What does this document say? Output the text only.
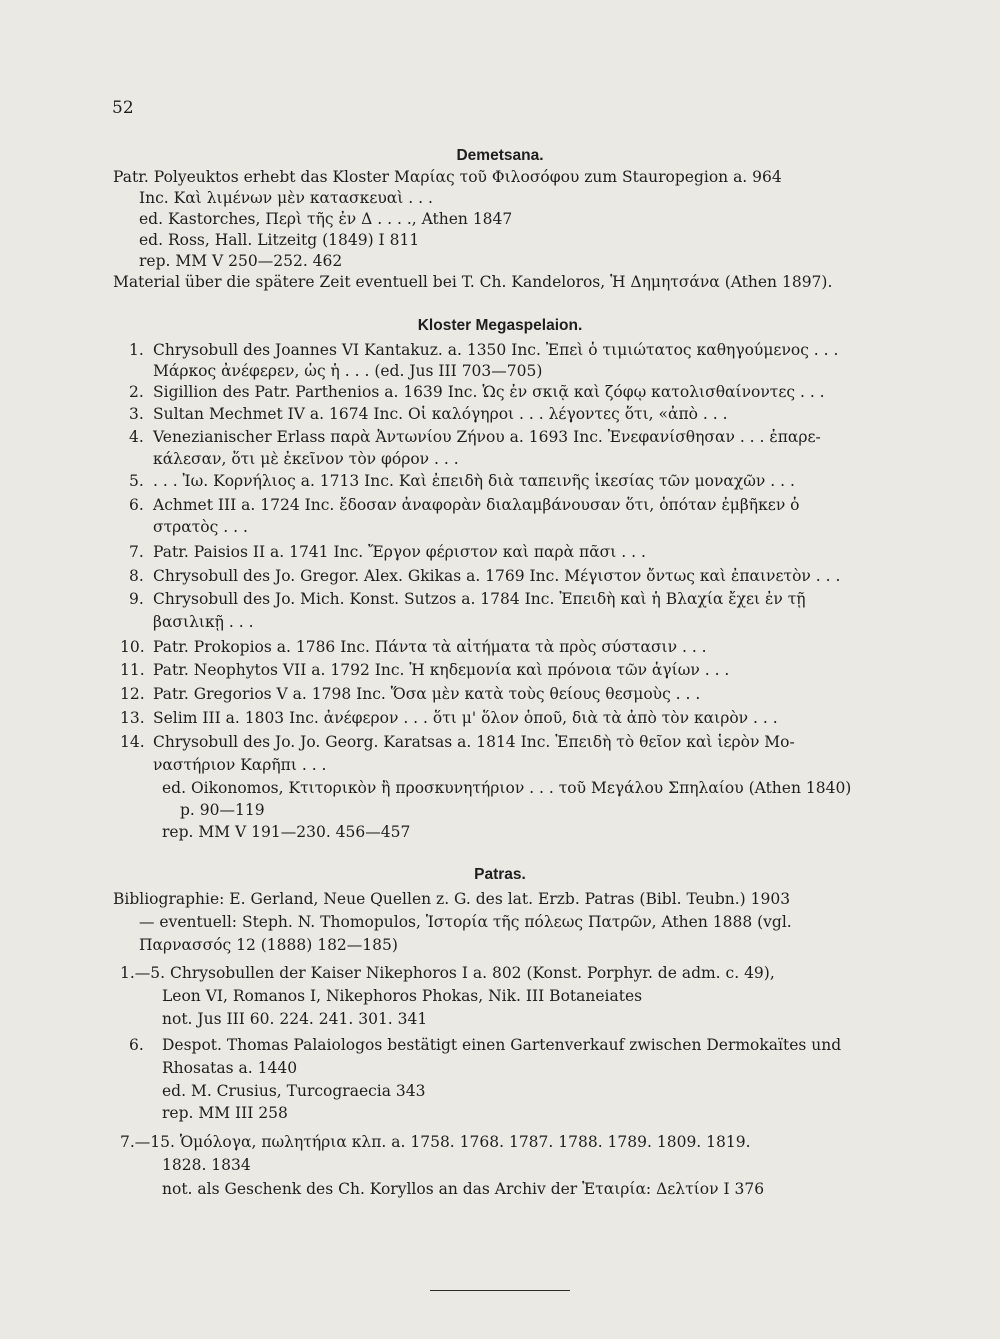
52
Demetsana.
Patr. Polyeuktos erhebt das Kloster Μαρίας τοῦ Φιλοσόφου zum Stauropegion a. 964
Inc. Καὶ λιμένων μὲν κατασκευαὶ . . .
ed. Kastorches, Περὶ τῆς ἐν Δ . . . ., Athen 1847
ed. Ross, Hall. Litzeitg (1849) I 811
rep. MM V 250—252. 462
Material über die spätere Zeit eventuell bei T. Ch. Kandeloros, Ἡ Δημητσάνα (Athen 1897).
Kloster Megaspelaion.
1. Chrysobull des Joannes VI Kantakuz. a. 1350 Inc. Ἐπεὶ ὁ τιμιώτατος καθηγούμενος . . .
Μάρκος ἀνέφερεν, ὡς ἡ . . . (ed. Jus III 703—705)
2. Sigillion des Patr. Parthenios a. 1639 Inc. Ὡς ἐν σκιᾷ καὶ ζόφῳ κατολισθαίνοντες . . .
3. Sultan Mechmet IV a. 1674 Inc. Οἱ καλόγηροι . . . λέγοντες ὅτι, «ἀπὸ . . .
4. Venezianischer Erlass παρὰ Ἀντωνίου Ζήνου a. 1693 Inc. Ἐνεφανίσθησαν . . . ἐπαρε-
κάλεσαν, ὅτι μὲ ἐκεῖνον τὸν φόρον . . .
5. . . . Ἰω. Κορνήλιος a. 1713 Inc. Καὶ ἐπειδὴ διὰ ταπεινῆς ἱκεσίας τῶν μοναχῶν . . .
6. Achmet III a. 1724 Inc. ἔδοσαν ἀναφορὰν διαλαμβάνουσαν ὅτι, ὁπόταν ἐμβῆκεν ὁ
στρατὸς . . .
7. Patr. Paisios II a. 1741 Inc. Ἔργον φέριστον καὶ παρὰ πᾶσι . . .
8. Chrysobull des Jo. Gregor. Alex. Gkikas a. 1769 Inc. Μέγιστον ὄντως καὶ ἐπαινετὸν . . .
9. Chrysobull des Jo. Mich. Konst. Sutzos a. 1784 Inc. Ἐπειδὴ καὶ ἡ Βλαχία ἔχει ἐν τῇ
βασιλικῇ . . .
10. Patr. Prokopios a. 1786 Inc. Πάντα τὰ αἰτήματα τὰ πρὸς σύστασιν . . .
11. Patr. Neophytos VII a. 1792 Inc. Ἡ κηδεμονία καὶ πρόνοια τῶν ἁγίων . . .
12. Patr. Gregorios V a. 1798 Inc. Ὅσα μὲν κατὰ τοὺς θείους θεσμοὺς . . .
13. Selim III a. 1803 Inc. ἀνέφερον . . . ὅτι μ' ὅλον ὁποῦ, διὰ τὰ ἀπὸ τὸν καιρὸν . . .
14. Chrysobull des Jo. Jo. Georg. Karatsas a. 1814 Inc. Ἐπειδὴ τὸ θεῖον καὶ ἱερὸν Μο-
ναστήριον Καρῆπι . . .
ed. Oikonomos, Κτιτορικὸν ἢ προσκυνητήριον . . . τοῦ Μεγάλου Σπηλαίου (Athen 1840)
p. 90—119
rep. MM V 191—230. 456—457
Patras.
Bibliographie: E. Gerland, Neue Quellen z. G. des lat. Erzb. Patras (Bibl. Teubn.) 1903
— eventuell: Steph. N. Thomopulos, Ἱστορία τῆς πόλεως Πατρῶν, Athen 1888 (vgl.
Παρνασσός 12 (1888) 182—185)
1.—5. Chrysobullen der Kaiser Nikephoros I a. 802 (Konst. Porphyr. de adm. c. 49),
Leon VI, Romanos I, Nikephoros Phokas, Nik. III Botaneiates
not. Jus III 60. 224. 241. 301. 341
6.	Despot. Thomas Palaiologos bestätigt einen Gartenverkauf zwischen Dermokaïtes und
Rhosatas a. 1440
ed. M. Crusius, Turcograecia 343
rep. MM III 258
7.—15. Ὁμόλογα, πωλητήρια κλπ. a. 1758. 1768. 1787. 1788. 1789. 1809. 1819.
1828. 1834
not. als Geschenk des Ch. Koryllos an das Archiv der Ἑταιρία: Δελτίον I 376
